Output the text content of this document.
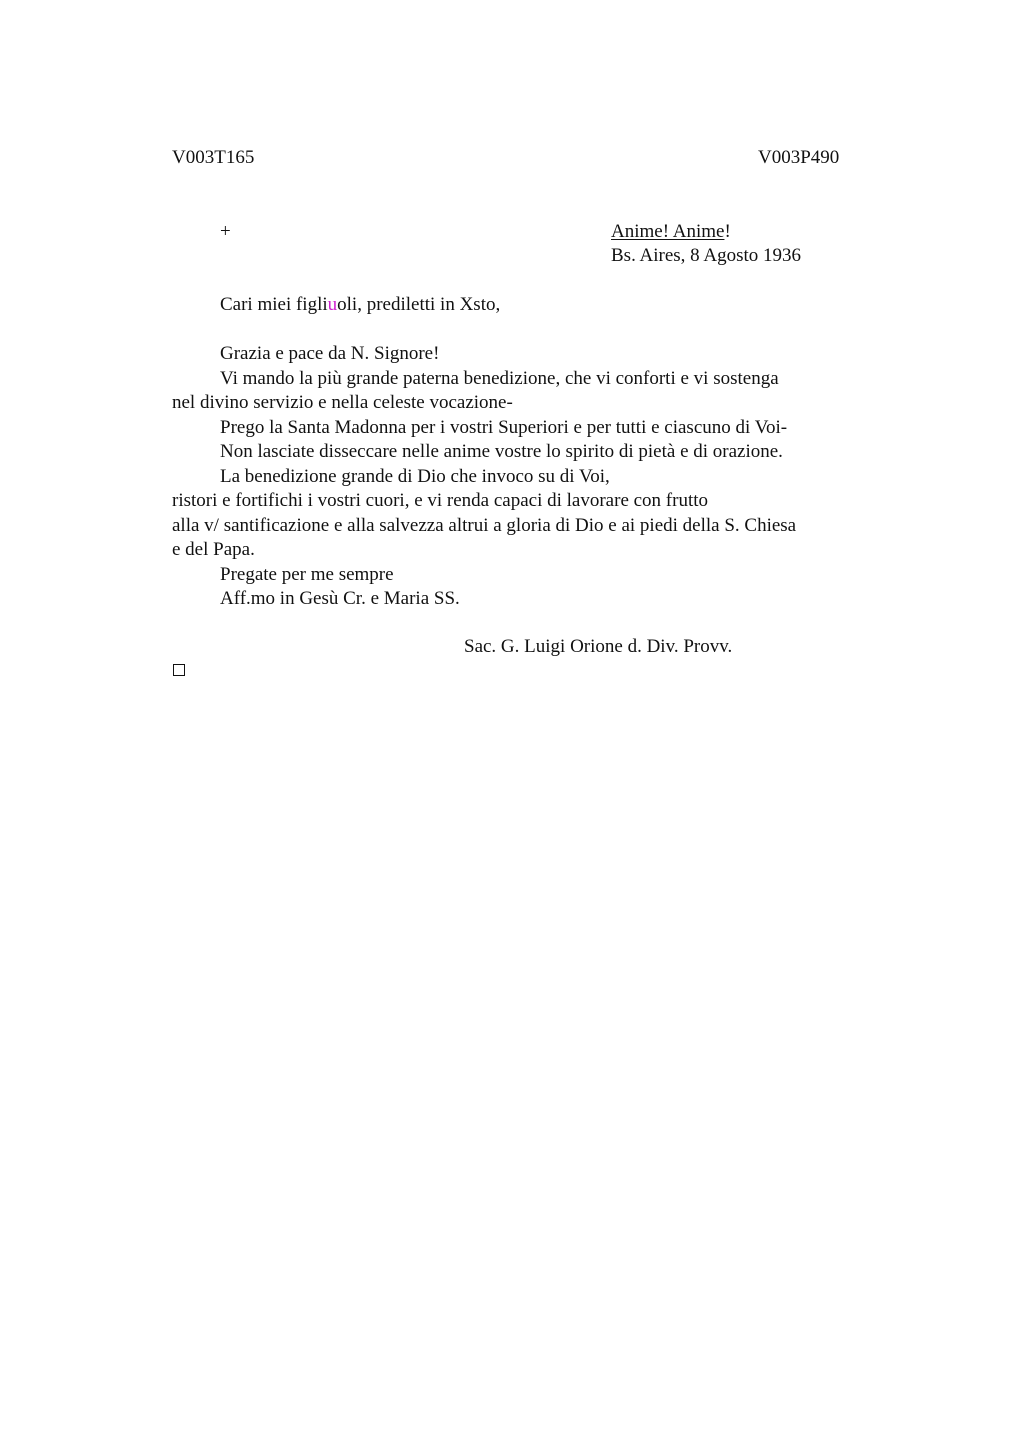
V003T165	V003P490
+	Anime! Anime!
Bs. Aires, 8 Agosto 1936
Cari miei figliuoli, prediletti in Xsto,
Grazia e pace da N. Signore!
Vi mando la più grande paterna benedizione, che vi conforti e vi sostenga
nel divino servizio e nella celeste vocazione-
Prego la Santa Madonna per i vostri Superiori e per tutti e ciascuno di Voi-
Non lasciate disseccare nelle anime vostre lo spirito di pietà e di orazione.
La benedizione grande di Dio che invoco su di Voi,
ristori e fortifichi i vostri cuori, e vi renda capaci di lavorare con frutto
alla v/ santificazione e alla salvezza altrui a gloria di Dio e ai piedi della S. Chiesa
e del Papa.
Pregate per me sempre
Aff.mo in Gesù Cr. e Maria SS.
Sac. G. Luigi Orione d. Div. Provv.
